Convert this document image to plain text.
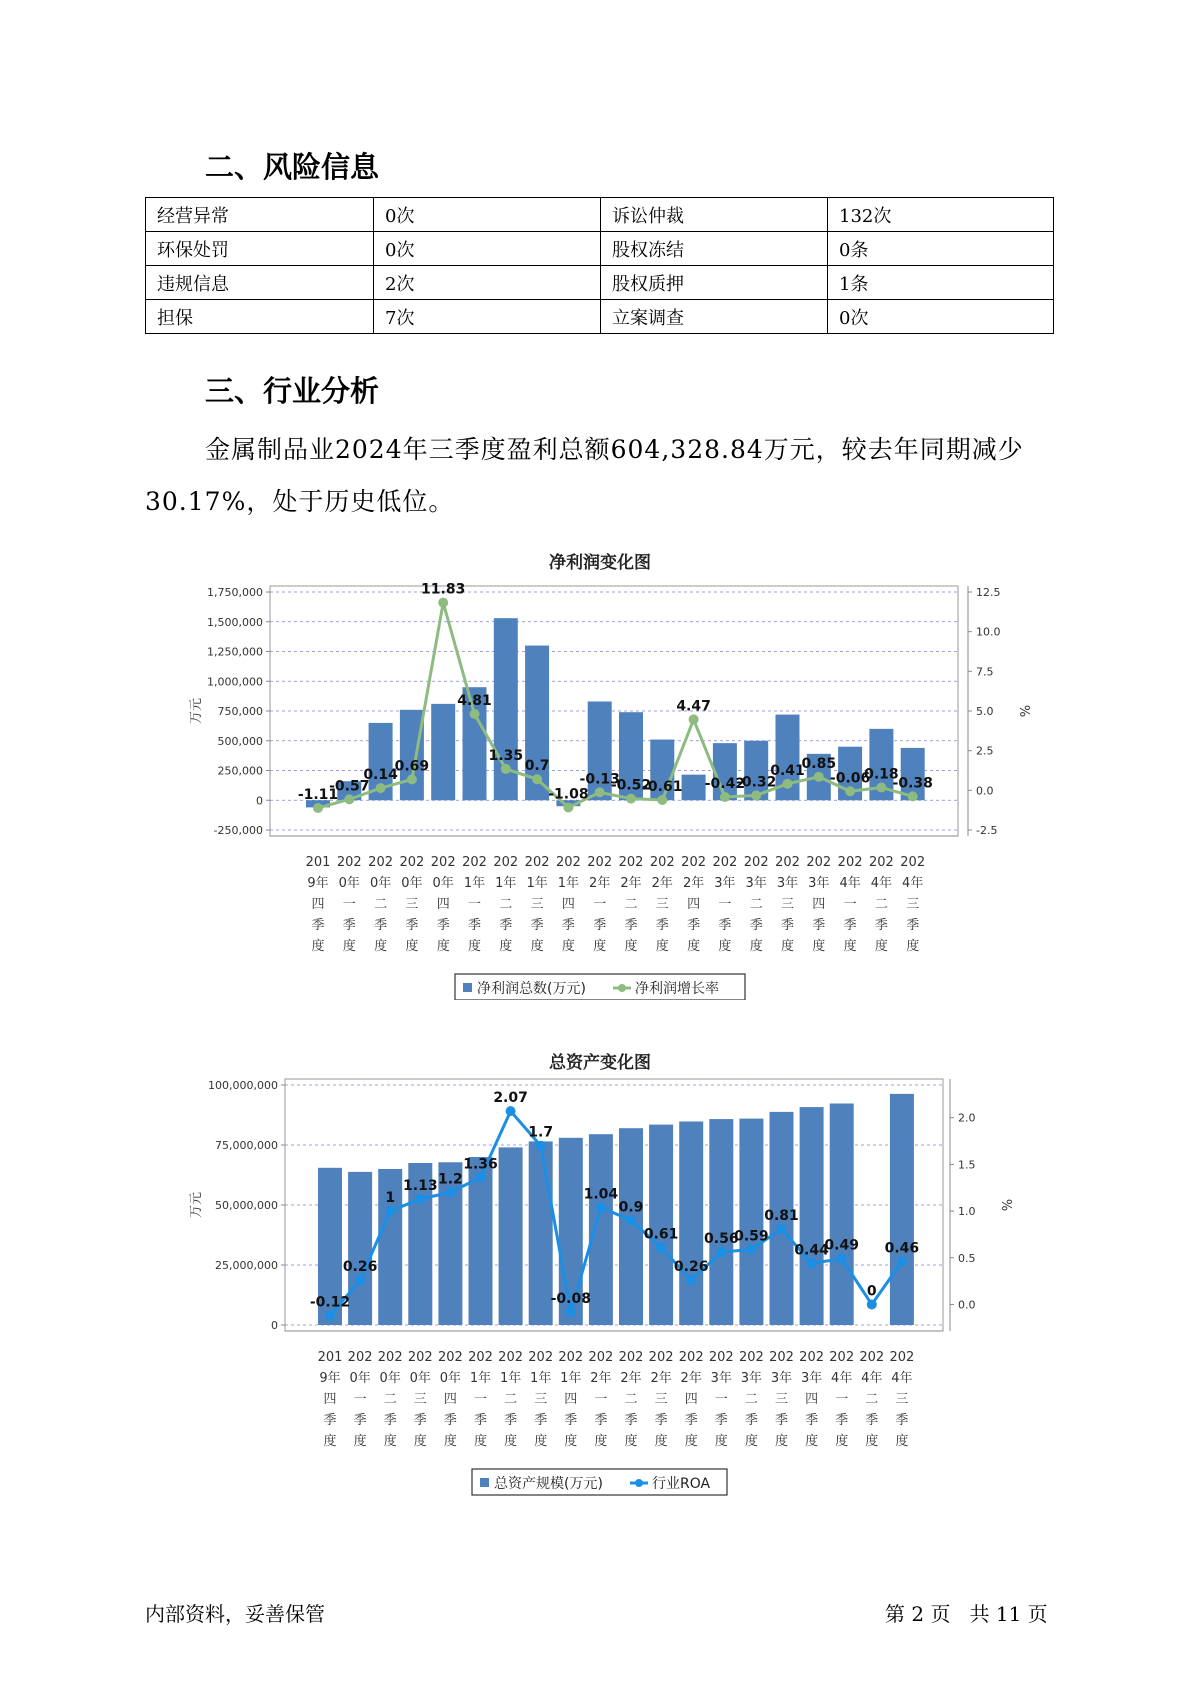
二、风险信息
经营异常	0次	诉讼仲裁	132次
环保处罚	0次	股权冻结	0条
违规信息	2次	股权质押	1条
担保	7次	立案调查	0次
三、行业分析

金属制品业2024年三季度盈利总额604,328.84万元，较去年同期减少30.17%，处于历史低位。

净利润变化图
-250,000
0
250,000
500,000
750,000
1,000,000
1,250,000
1,500,000
1,750,000
-2.5
0.0
2.5
5.0
7.5
10.0
12.5
万元	%
-1.11
-0.57
0.14
0.69
11.83
4.81
1.35
0.7
-1.08
-0.13
-0.52
-0.61
4.47
-0.42
-0.32
0.41
0.85
-0.06
0.18
-0.38
201
9年
四
季
度
202
0年
一
季
度
202
0年
二
季
度
202
0年
三
季
度
202
0年
四
季
度
202
1年
一
季
度
202
1年
二
季
度
202
1年
三
季
度
202
1年
四
季
度
202
2年
一
季
度
202
2年
二
季
度
202
2年
三
季
度
202
2年
四
季
度
202
3年
一
季
度
202
3年
二
季
度
202
3年
三
季
度
202
3年
四
季
度
202
4年
一
季
度
202
4年
二
季
度
202
4年
三
季
度
净利润总数(万元)	净利润增长率
总资产变化图
0
25,000,000
50,000,000
75,000,000
100,000,000
0.0
0.5
1.0
1.5
2.0
万元	%
-0.12
0.26
1
1.13 1.2
1.36
2.07
1.7
-0.08
1.04
0.9
0.61
0.26
0.56
0.59
0.81
0.44
0.49
0
0.46
201
9年
四
季
度
202
0年
一
季
度
202
0年
二
季
度
202
0年
三
季
度
202
0年
四
季
度
202
1年
一
季
度
202
1年
二
季
度
202
1年
三
季
度
202
1年
四
季
度
202
2年
一
季
度
202
2年
二
季
度
202
2年
三
季
度
202
2年
四
季
度
202
3年
一
季
度
202
3年
二
季
度
202
3年
三
季
度
202
3年
四
季
度
202
4年
一
季
度
202
4年
二
季
度
202
4年
三
季
度
总资产规模(万元)	行业ROA
内部资料，妥善保管	第 2 页   共 11 页
